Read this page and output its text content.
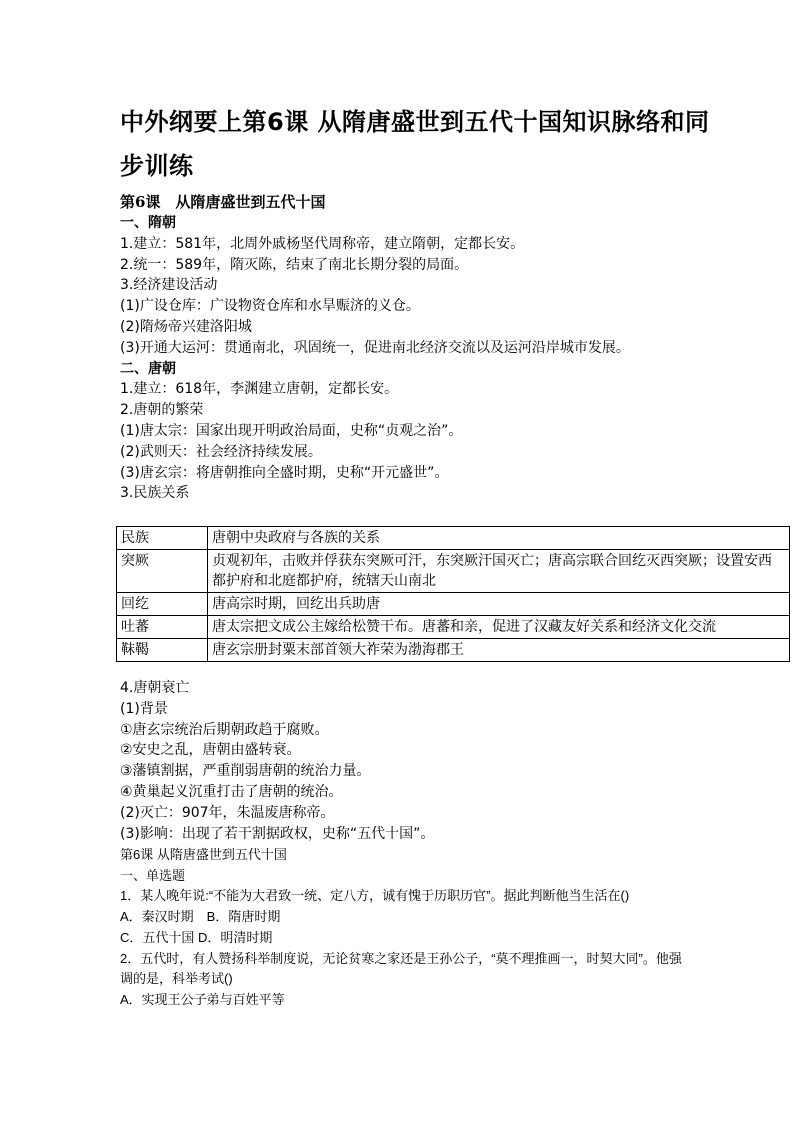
中外纲要上第6课 从隋唐盛世到五代十国知识脉络和同步训练
第6课　从隋唐盛世到五代十国
一、隋朝
1.建立：581年，北周外戚杨坚代周称帝，建立隋朝，定都长安。
2.统一：589年，隋灭陈，结束了南北长期分裂的局面。
3.经济建设活动
(1)广设仓库：广设物资仓库和水旱赈济的义仓。
(2)隋炀帝兴建洛阳城
(3)开通大运河：贯通南北，巩固统一，促进南北经济交流以及运河沿岸城市发展。
二、唐朝
1.建立：618年，李渊建立唐朝，定都长安。
2.唐朝的繁荣
(1)唐太宗：国家出现开明政治局面，史称“贞观之治”。
(2)武则天：社会经济持续发展。
(3)唐玄宗：将唐朝推向全盛时期，史称“开元盛世”。
3.民族关系
民族	唐朝中央政府与各族的关系
突厥	贞观初年，击败并俘获东突厥可汗，东突厥汗国灭亡；唐高宗联合回纥灭西突厥；设置安西都护府和北庭都护府，统辖天山南北
回纥	唐高宗时期，回纥出兵助唐
吐蕃	唐太宗把文成公主嫁给松赞干布。唐蕃和亲，促进了汉藏友好关系和经济文化交流
靺鞨	唐玄宗册封粟末部首领大祚荣为渤海郡王
4.唐朝衰亡
(1)背景
①唐玄宗统治后期朝政趋于腐败。
②安史之乱，唐朝由盛转衰。
③藩镇割据，严重削弱唐朝的统治力量。
④黄巢起义沉重打击了唐朝的统治。
(2)灭亡：907年，朱温废唐称帝。
(3)影响：出现了若干割据政权，史称“五代十国”。
第6课 从隋唐盛世到五代十国
一、单选题
1．某人晚年说:“不能为大君致一统、定八方，诚有愧于历职历官”。据此判断他当生活在()
A．秦汉时期　B．隋唐时期
C．五代十国 D．明清时期
2．五代时，有人赞扬科举制度说，无论贫寒之家还是王孙公子，“莫不理推画一，时契大同”。他强调的是，科举考试()
A．实现王公子弟与百姓平等
